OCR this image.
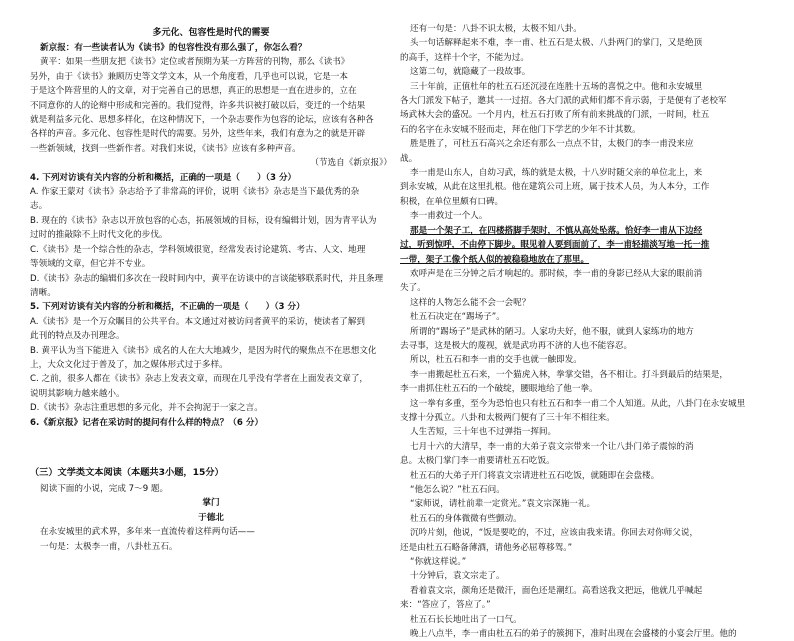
多元化、包容性是时代的需要

新京报：有一些读者认为《读书》的包容性没有那么强了，你怎么看？

黄平：如果一些朋友把《读书》定位或者预期为某一方阵营的刊物，那么《读书》

另外，由于《读书》兼顾历史等文学文本，从一个角度看，几乎也可以说，它是一本

于是这个阵营里的人的文章，对于完善自己的思想，真正的思想是一直在进步的，立在

不同意你的人的论辩中形成和完善的。我们觉得，许多共识被打破以后，变迁的一个结果

就是利益多元化、思想多样化，在这种情况下，一个杂志要作为包容的论坛，应该有各种各

各样的声音。多元化、包容性是时代的需要。另外，这些年来，我们有意为之的就是开辟

一些新领域，找到一些新作者。对我们来说，《读书》应该有多种声音。

（节选自《新京报》）

4. 下列对访谈有关内容的分析和概括，正确的一项是（　　）（3 分）

A. 作家王蒙对《读书》杂志给予了非常高的评价，说明《读书》杂志是当下最优秀的杂

志。

B. 现在的《读书》杂志以开放包容的心态，拓展领域的目标，设有编辑计划，因为青平认为

过时的推敲除不上时代文化的步伐。

C.《读书》是一个综合性的杂志，学科领域很宽，经常发表讨论建筑、考古、人文、地理

等领域的文章，但它并不专业。

D.《读书》杂志的编辑们多次在一段时间内中，黄平在访谈中的言谈能够联系时代，并且条理

清晰。

5. 下列对访谈有关内容的分析和概括，不正确的一项是（　　）（3 分）

A.《读书》是一个万众瞩目的公共平台。本文通过对被访问者黄平的采访，使读者了解到

此刊的特点及办刊理念。

B. 黄平认为当下能进入《读书》成名的人在大大地减少，是因为时代的聚焦点不在思想文化

上，大众文化过于普及了，加之媒体形式过于多样。

C. 之前，很多人都在《读书》杂志上发表文章，而现在几乎没有学者在上面发表文章了，

说明其影响力越来越小。

D.《读书》杂志注重思想的多元化，并不会拘泥于一家之言。

6.《新京报》记者在采访时的提问有什么样的特点？（6 分）

（三）文学类文本阅读（本题共3小题，15分）

阅读下面的小说，完成 7～9 题。

掌门

于德北

在永安城里的武术界，多年来一直流传着这样两句话——

一句是：太极李一甫，八卦杜五石。

还有一句是：八卦不识太极，太极不知八卦。

头一句话解释起来不难，李一甫、杜五石是太极、八卦两门的掌门，又是绝顶

的高手，这样十个字，不能为过。

这第二句，就隐藏了一段故事。

三十年前，正值杜年的杜五石还沉浸在连胜十五场的喜悦之中。他和永安城里

各大门派发下帖子，邀其一一过招。各大门派的武师们都不肯示弱，于是便有了老校军

场武林大会的盛况。一个月内，杜五石打败了所有前来挑战的门派，一时间，杜五

石的名字在永安城不胫而走，拜在他门下学艺的少年不计其数。

胜是胜了，可杜五石高兴之余还有那么一点点不甘，太极门的李一甫没来应

战。

李一甫是山东人，自幼习武，练的就是太极，十八岁时随父亲的单位北上，来

到永安城，从此在这里扎根。他在建筑公司上班，属于技术人员，为人本分，工作

积极，在单位里颇有口碑。

李一甫救过一个人。

那是一个架子工，在四楼搭脚手架时，不慎从高处坠落。恰好李一甫从下边经

过，听到惊呼，不由停下脚步。眼见着人要到面前了，李一甫轻描淡写地一托一推

一带，架子工像个纸人似的被稳稳地放在了那里。

欢呼声是在三分钟之后才响起的。那时候，李一甫的身影已经从大家的眼前消

失了。

这样的人物怎么能不会一会呢？

杜五石决定在“踢场子”。

所谓的“踢场子”是武林的陋习。人家功夫好，他不服，就到人家练功的地方

去寻事，这是极大的蔑视，就是武功再不济的人也不能容忍。

所以，杜五石和李一甫的交手也就一触即发。

李一甫搬起杜五石来，一个猫虎入林，拳掌交错，各不相让。打斗到最后的结果是，

李一甫抓住杜五石的一个破绽，腰眼地给了他一拳。

这一拳有多重，至今为恐怕也只有杜五石和李一甫二个人知道。从此，八卦门在永安城里

支撑十分孤立。八卦和太极两门便有了三十年不相往来。

人生苦短，三十年也不过弹指一挥间。

七月十六的大清早，李一甫的大弟子袁文宗带来一个让八卦门弟子震惊的消

息。太极门掌门李一甫要请杜五石吃饭。

杜五石的大弟子开门将袁文宗请进杜五石吃饭，就随即在会盘楼。

“他怎么说？”杜五石问。

“家师说，请杜前辈一定赏光。”袁文宗深施一礼。

杜五石的身体微微有些颤动。

沉吟片刻，他说，“饭是要吃的，不过，应该由我来请。你回去对你师父说，

还是由杜五石略备薄酒，请他务必屈尊移驾。”

“你就这样说。”

十分钟后，袁文宗走了。

看着袁文宗，颜角还是微汗，面色还是潮红。高看送我文把远，他就几乎喊起

来：“答应了，答应了。”

杜五石长长地吐出了一口气。

晚上八点半，李一甫由杜五石的弟子的簇拥下，准时出现在会盛楼的小宴会厅里。他的
